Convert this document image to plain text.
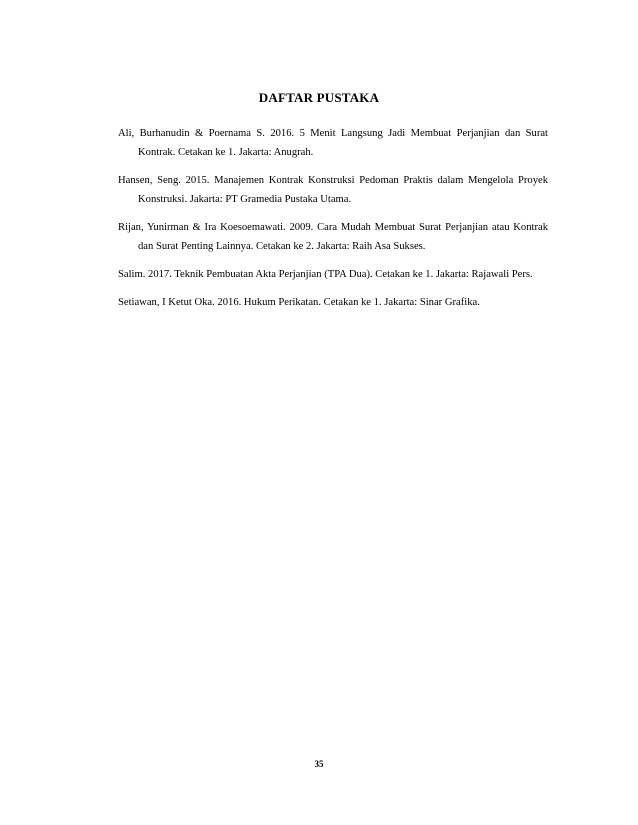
DAFTAR PUSTAKA
Ali, Burhanudin & Poernama S. 2016. 5 Menit Langsung Jadi Membuat Perjanjian dan Surat Kontrak. Cetakan ke 1. Jakarta: Anugrah.
Hansen, Seng. 2015. Manajemen Kontrak Konstruksi Pedoman Praktis dalam Mengelola Proyek Konstruksi. Jakarta: PT Gramedia Pustaka Utama.
Rijan, Yunirman & Ira Koesoemawati. 2009. Cara Mudah Membuat Surat Perjanjian atau Kontrak dan Surat Penting Lainnya. Cetakan ke 2. Jakarta: Raih Asa Sukses.
Salim. 2017. Teknik Pembuatan Akta Perjanjian (TPA Dua). Cetakan ke 1. Jakarta: Rajawali Pers.
Setiawan, I Ketut Oka. 2016. Hukum Perikatan. Cetakan ke 1. Jakarta: Sinar Grafika.
35
